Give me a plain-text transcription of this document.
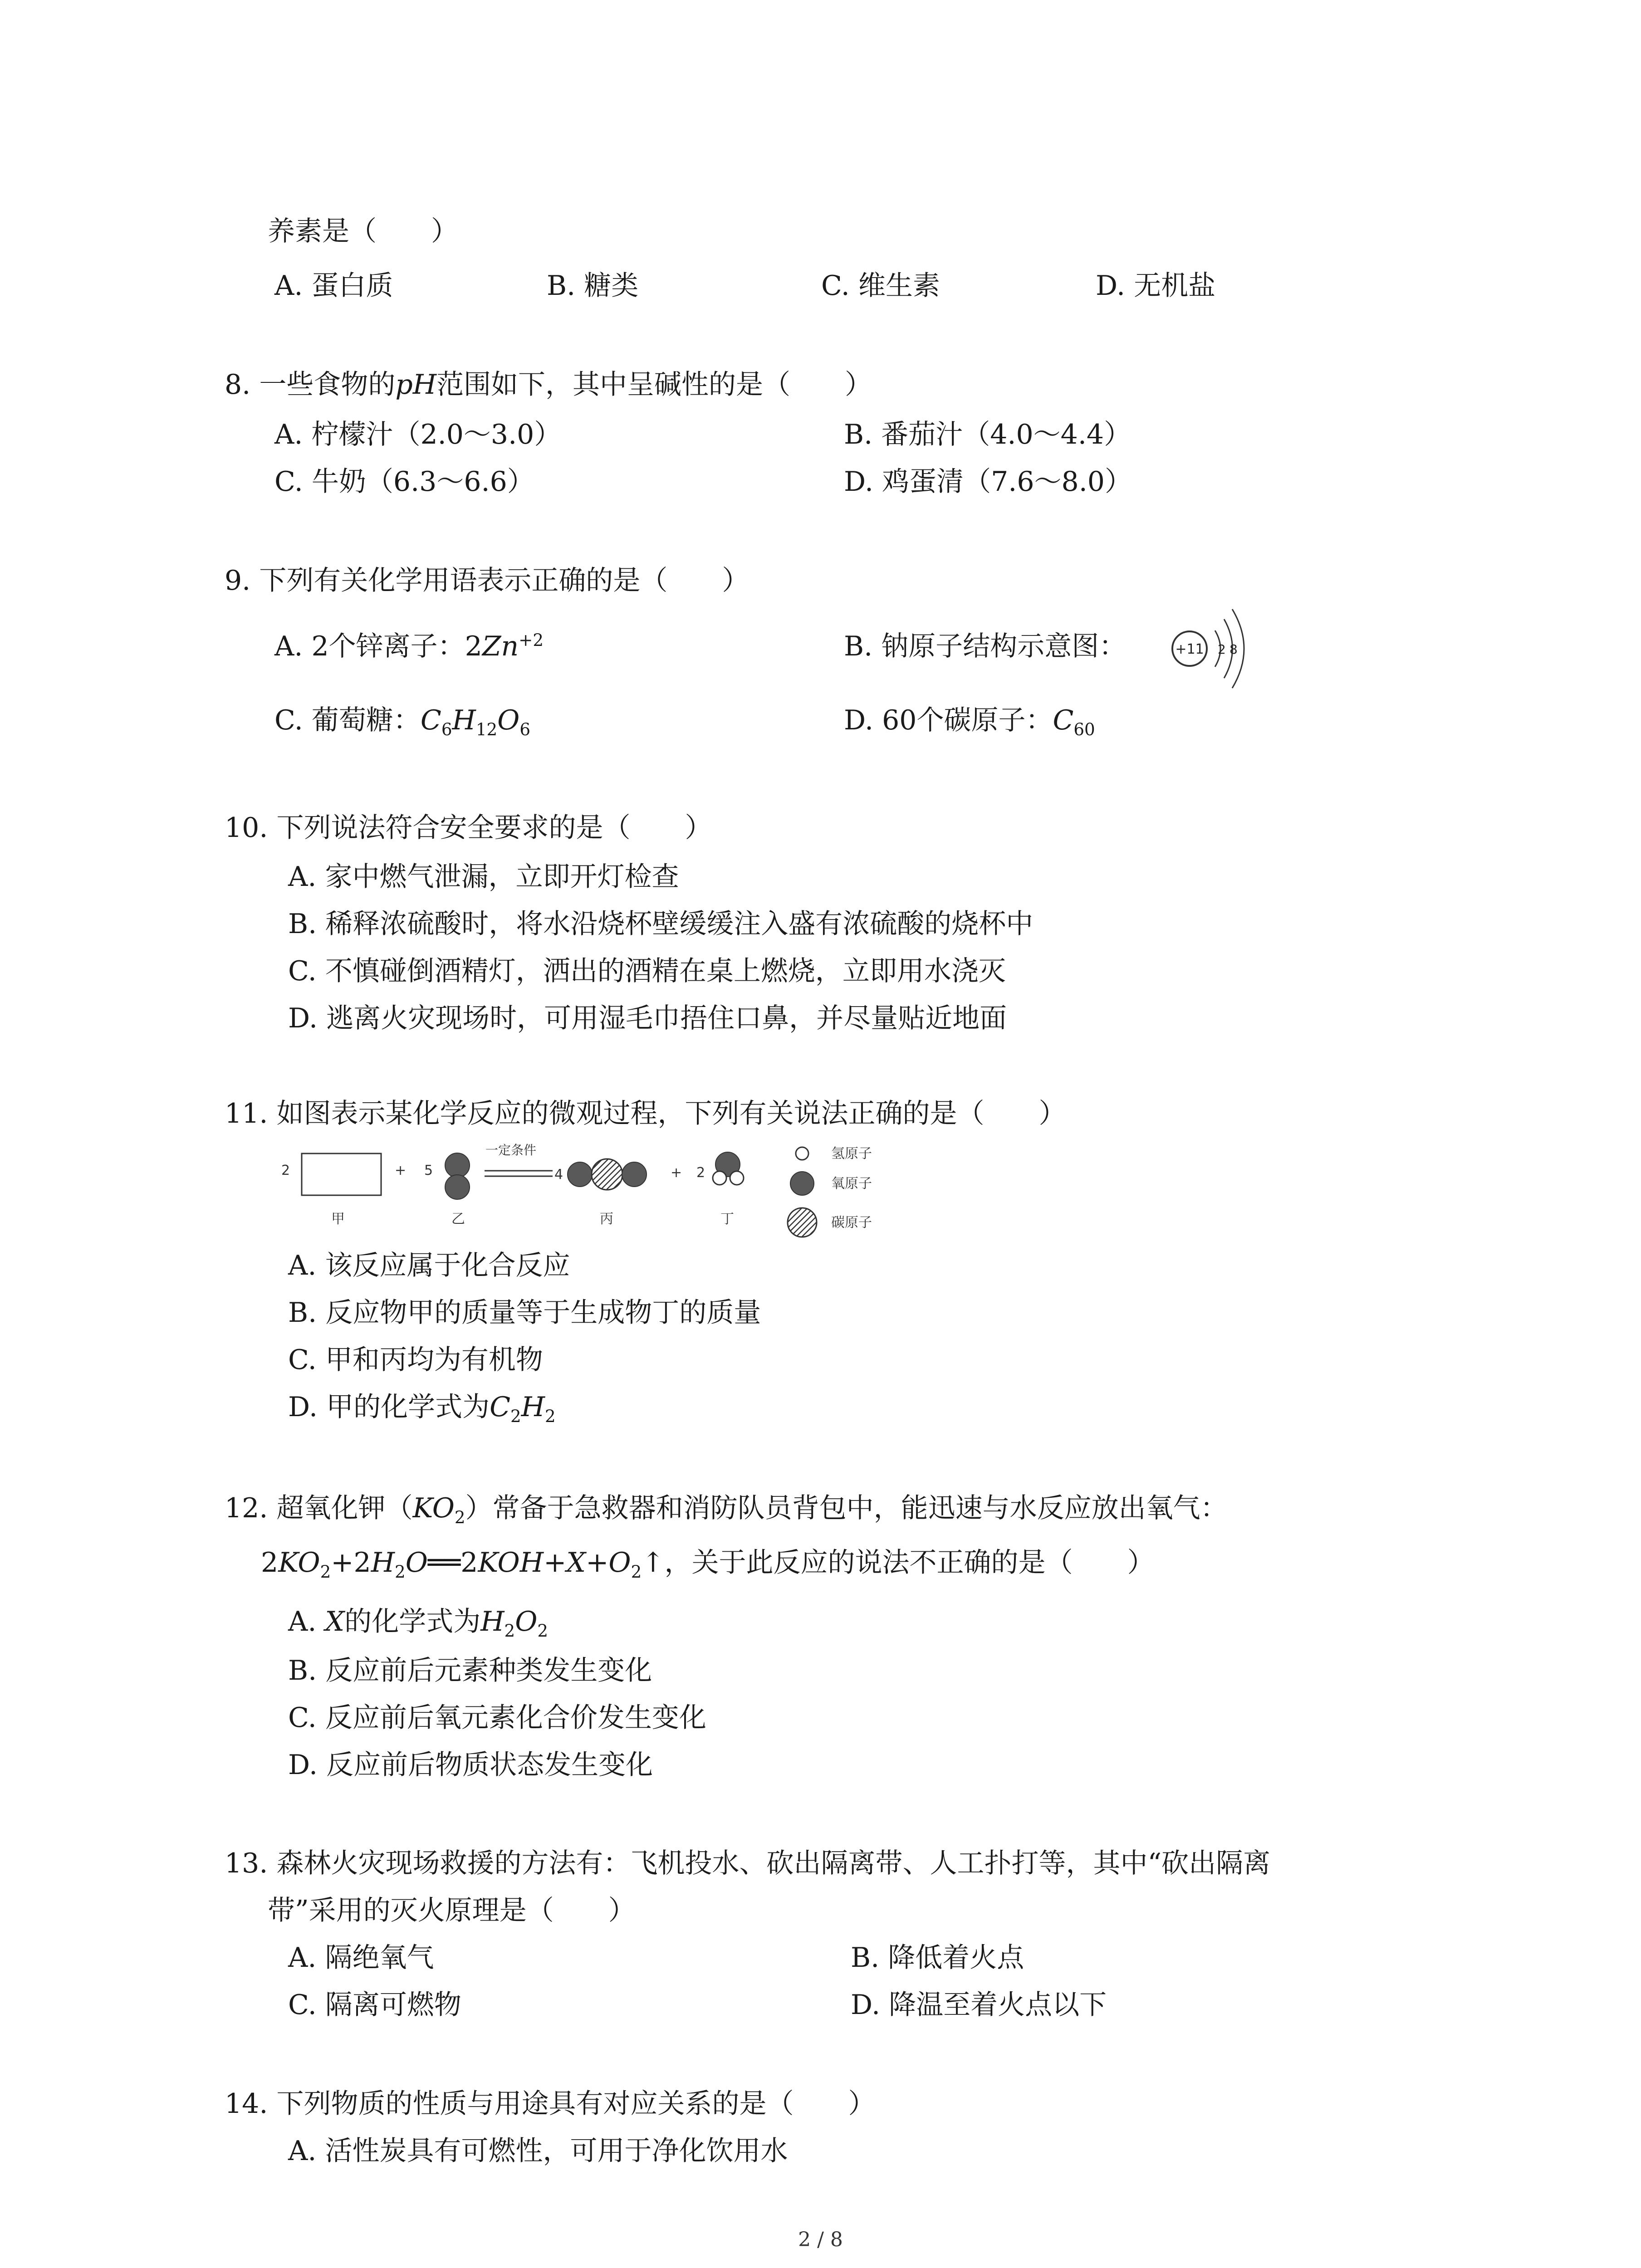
养素是（　　）
A. 蛋白质	B. 糖类	C. 维生素	D. 无机盐
8. 一些食物的pH范围如下，其中呈碱性的是（　　）
A. 柠檬汁（2.0～3.0）	B. 番茄汁（4.0～4.4）
C. 牛奶（6.3～6.6）	D. 鸡蛋清（7.6～8.0）
9. 下列有关化学用语表示正确的是（　　）
A. 2个锌离子：$2Zn^{+2}$	B. 钠原子结构示意图：	+11 2 8
C. 葡萄糖：$C_6H_{12}O_6$	D. 60个碳原子：$C_{60}$
10. 下列说法符合安全要求的是（　　）
A. 家中燃气泄漏，立即开灯检查
B. 稀释浓硫酸时，将水沿烧杯壁缓缓注入盛有浓硫酸的烧杯中
C. 不慎碰倒酒精灯，洒出的酒精在桌上燃烧，立即用水浇灭
D. 逃离火灾现场时，可用湿毛巾捂住口鼻，并尽量贴近地面
11. 如图表示某化学反应的微观过程，下列有关说法正确的是（　　）
2	+ 5
一定条件
4	+ 2
甲	乙	丙	丁
氢原子
氧原子
碳原子
A. 该反应属于化合反应
B. 反应物甲的质量等于生成物丁的质量
C. 甲和丙均为有机物
D. 甲的化学式为$C_2H_2$
12. 超氧化钾$(KO_2)$常备于急救器和消防队员背包中，能迅速与水反应放出氧气：
$2KO_2+2H_2O══2KOH+X+O_2↑$，关于此反应的说法不正确的是（　　）
A. X的化学式为$H_2O_2$
B. 反应前后元素种类发生变化
C. 反应前后氧元素化合价发生变化
D. 反应前后物质状态发生变化
13. 森林火灾现场救援的方法有：飞机投水、砍出隔离带、人工扑打等，其中“砍出隔离
带”采用的灭火原理是（　　）
A. 隔绝氧气	B. 降低着火点
C. 隔离可燃物	D. 降温至着火点以下
14. 下列物质的性质与用途具有对应关系的是（　　）
A. 活性炭具有可燃性，可用于净化饮用水
2 / 8
